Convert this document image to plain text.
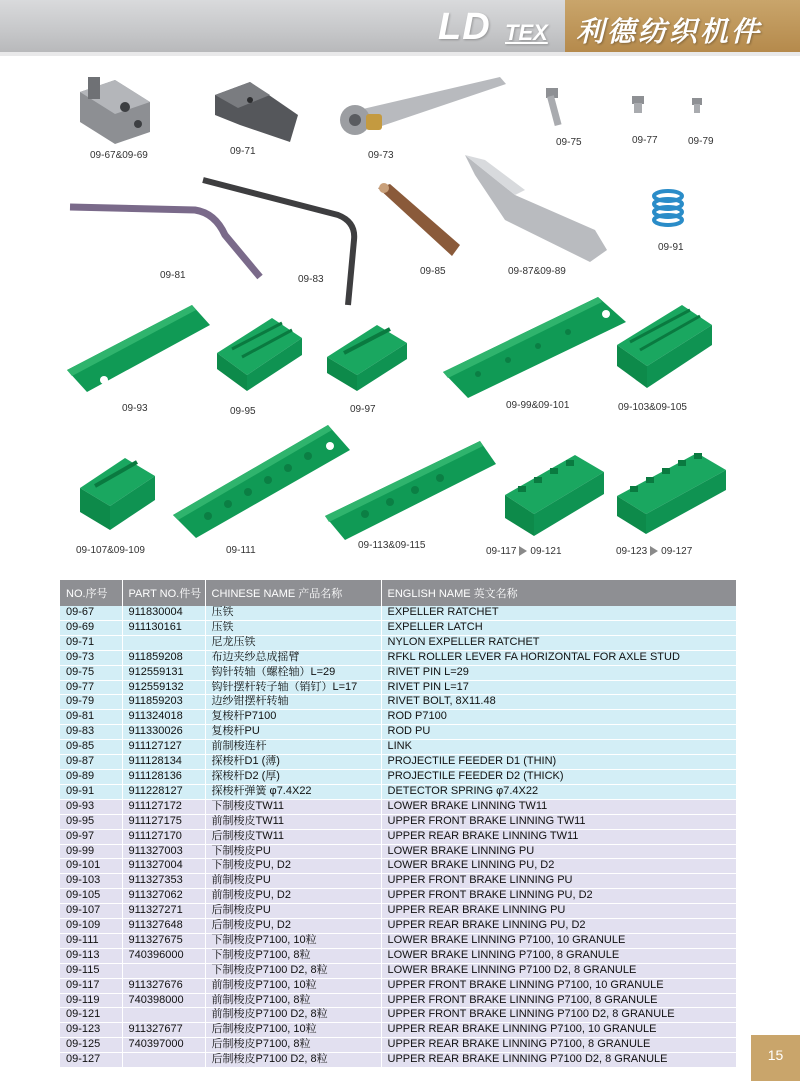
LD TEX 利德纺织机件
09-67&09-69	09-71	09-73
09-75	09-77	09-79
09-81	09-83
09-85	09-87&09-89
09-91
09-93	09-95	09-97	09-99&09-101	09-103&09-105
09-107&09-109	09-111	09-113&09-115
09-117 09-121	09-123 09-127
NO.序号	PART NO.件号	CHINESE NAME 产品名称	ENGLISH NAME 英文名称
09-67	911830004	压铁	EXPELLER RATCHET
09-69	911130161	压铁	EXPELLER LATCH
09-71		尼龙压铁	NYLON EXPELLER RATCHET
09-73	911859208	布边夹纱总成摇臂	RFKL ROLLER LEVER FA HORIZONTAL FOR AXLE STUD
09-75	912559131	钩针转轴（螺栓轴）L=29	RIVET PIN L=29
09-77	912559132	钩针摆杆转子轴（销钉）L=17	RIVET PIN L=17
09-79	911859203	边纱钳摆杆转轴	RIVET BOLT, 8X11.48
09-81	911324018	复梭杆P7100	ROD P7100
09-83	911330026	复梭杆PU	ROD PU
09-85	911127127	前制梭连杆	LINK
09-87	911128134	探梭杆D1 (薄)	PROJECTILE FEEDER D1 (THIN)
09-89	911128136	探梭杆D2 (厚)	PROJECTILE FEEDER D2 (THICK)
09-91	911228127	探梭杆弹簧 φ7.4X22	DETECTOR SPRING φ7.4X22
09-93	911127172	下制梭皮TW11	LOWER BRAKE LINNING TW11
09-95	911127175	前制梭皮TW11	UPPER FRONT BRAKE LINNING TW11
09-97	911127170	后制梭皮TW11	UPPER REAR BRAKE LINNING TW11
09-99	911327003	下制梭皮PU	LOWER BRAKE LINNING PU
09-101	911327004	下制梭皮PU, D2	LOWER BRAKE LINNING PU, D2
09-103	911327353	前制梭皮PU	UPPER FRONT BRAKE LINNING PU
09-105	911327062	前制梭皮PU, D2	UPPER FRONT BRAKE LINNING PU, D2
09-107	911327271	后制梭皮PU	UPPER REAR BRAKE LINNING PU
09-109	911327648	后制梭皮PU, D2	UPPER REAR BRAKE LINNING PU, D2
09-111	911327675	下制梭皮P7100, 10粒	LOWER BRAKE LINNING P7100, 10 GRANULE
09-113	740396000	下制梭皮P7100, 8粒	LOWER BRAKE LINNING P7100, 8 GRANULE
09-115		下制梭皮P7100 D2, 8粒	LOWER BRAKE LINNING P7100 D2, 8 GRANULE
09-117	911327676	前制梭皮P7100, 10粒	UPPER FRONT BRAKE LINNING P7100, 10 GRANULE
09-119	740398000	前制梭皮P7100, 8粒	UPPER FRONT BRAKE LINNING P7100, 8 GRANULE
09-121		前制梭皮P7100 D2, 8粒	UPPER FRONT BRAKE LINNING P7100 D2, 8 GRANULE
09-123	911327677	后制梭皮P7100, 10粒	UPPER REAR BRAKE LINNING P7100, 10 GRANULE
09-125	740397000	后制梭皮P7100, 8粒	UPPER REAR BRAKE LINNING P7100, 8 GRANULE
09-127		后制梭皮P7100 D2, 8粒	UPPER REAR BRAKE LINNING P7100 D2, 8 GRANULE	15
